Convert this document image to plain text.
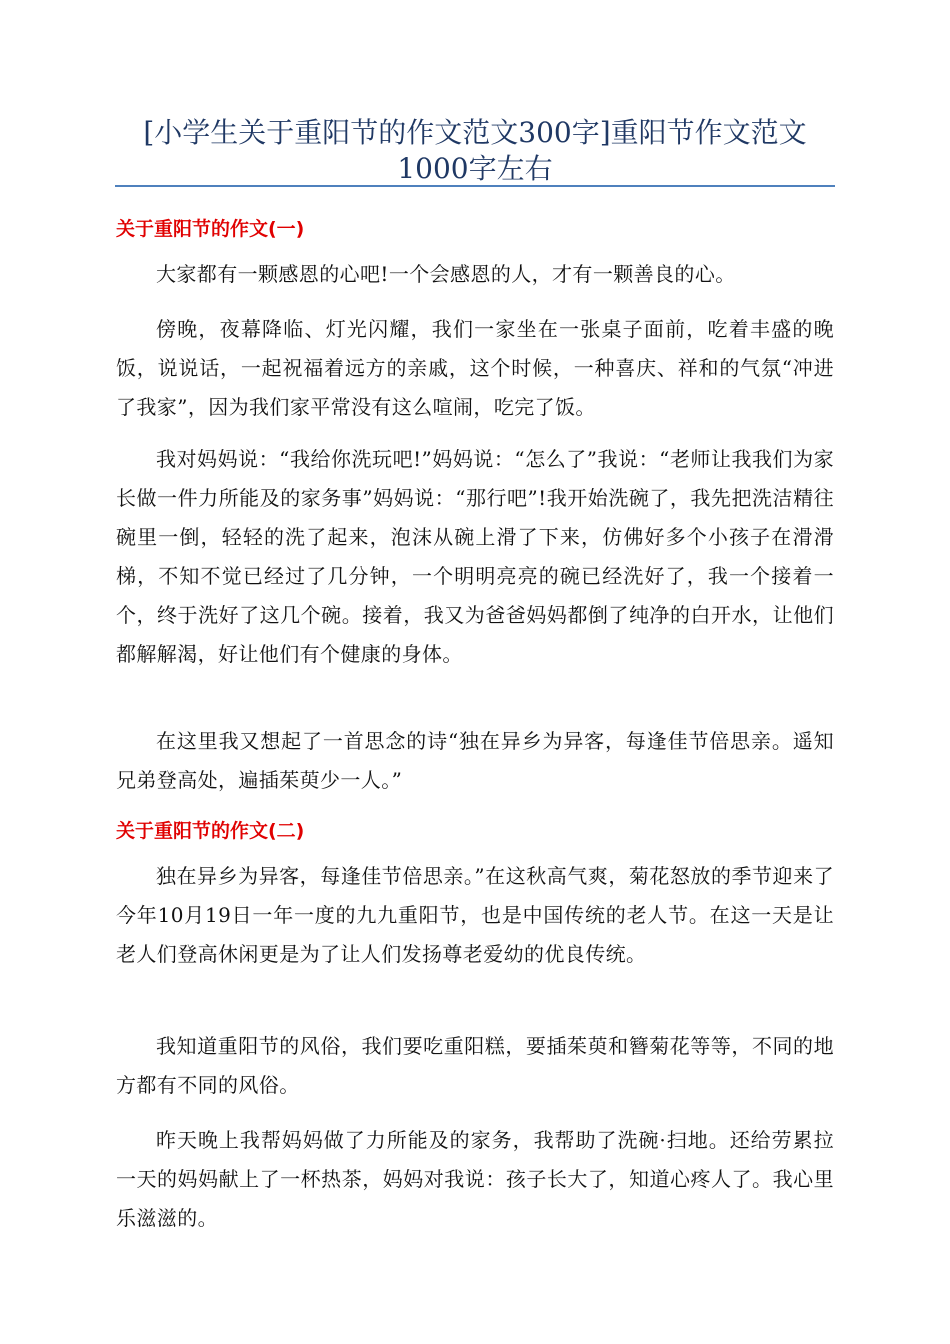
[小学生关于重阳节的作文范文300字]重阳节作文范文1000字左右
关于重阳节的作文(一)

大家都有一颗感恩的心吧!一个会感恩的人，才有一颗善良的心。

傍晚，夜幕降临、灯光闪耀，我们一家坐在一张桌子面前，吃着丰盛的晚饭，说说话，一起祝福着远方的亲戚，这个时候，一种喜庆、祥和的气氛“冲进了我家”，因为我们家平常没有这么喧闹，吃完了饭。

我对妈妈说：“我给你洗玩吧!”妈妈说：“怎么了”我说：“老师让我我们为家长做一件力所能及的家务事”妈妈说：“那行吧”!我开始洗碗了，我先把洗洁精往碗里一倒，轻轻的洗了起来，泡沫从碗上滑了下来，仿佛好多个小孩子在滑滑梯，不知不觉已经过了几分钟，一个明明亮亮的碗已经洗好了，我一个接着一个，终于洗好了这几个碗。接着，我又为爸爸妈妈都倒了纯净的白开水，让他们都解解渴，好让他们有个健康的身体。

在这里我又想起了一首思念的诗“独在异乡为异客，每逢佳节倍思亲。遥知兄弟登高处，遍插茱萸少一人。”

关于重阳节的作文(二)

独在异乡为异客，每逢佳节倍思亲。”在这秋高气爽，菊花怒放的季节迎来了今年10月19日一年一度的九九重阳节，也是中国传统的老人节。在这一天是让老人们登高休闲更是为了让人们发扬尊老爱幼的优良传统。

我知道重阳节的风俗，我们要吃重阳糕，要插茱萸和簪菊花等等，不同的地方都有不同的风俗。

昨天晚上我帮妈妈做了力所能及的家务，我帮助了洗碗·扫地。还给劳累拉一天的妈妈献上了一杯热茶，妈妈对我说：孩子长大了，知道心疼人了。我心里乐滋滋的。
